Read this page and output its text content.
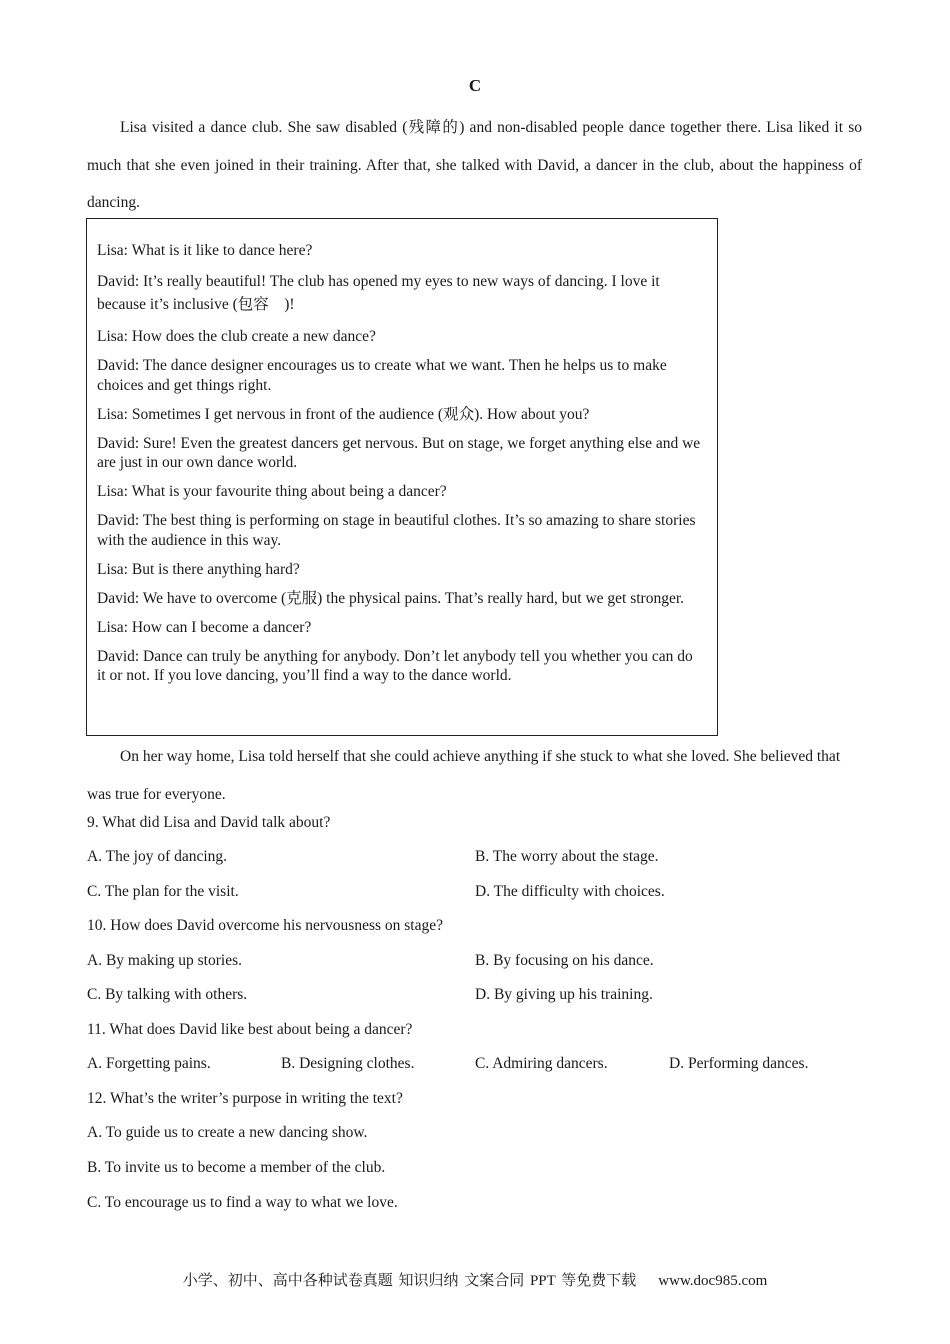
C
Lisa visited a dance club. She saw disabled (残障的) and non-disabled people dance together there. Lisa liked it so much that she even joined in their training. After that, she talked with David, a dancer in the club, about the happiness of dancing.
Lisa: What is it like to dance here?
David: It’s really beautiful! The club has opened my eyes to new ways of dancing. I love it because it’s inclusive (包容    )!
Lisa: How does the club create a new dance?
David: The dance designer encourages us to create what we want. Then he helps us to make choices and get things right.
Lisa: Sometimes I get nervous in front of the audience (观众). How about you?
David: Sure! Even the greatest dancers get nervous. But on stage, we forget anything else and we are just in our own dance world.
Lisa: What is your favourite thing about being a dancer?
David: The best thing is performing on stage in beautiful clothes. It’s so amazing to share stories with the audience in this way.
Lisa: But is there anything hard?
David: We have to overcome (克服) the physical pains. That’s really hard, but we get stronger.
Lisa: How can I become a dancer?
David: Dance can truly be anything for anybody. Don’t let anybody tell you whether you can do it or not. If you love dancing, you’ll find a way to the dance world.
On her way home, Lisa told herself that she could achieve anything if she stuck to what she loved. She believed that was true for everyone.
9. What did Lisa and David talk about?
A. The joy of dancing.	B. The worry about the stage.
C. The plan for the visit.	D. The difficulty with choices.
10. How does David overcome his nervousness on stage?
A. By making up stories.	B. By focusing on his dance.
C. By talking with others.	D. By giving up his training.
11. What does David like best about being a dancer?
A. Forgetting pains.	B. Designing clothes.	C. Admiring dancers.	D. Performing dances.
12. What’s the writer’s purpose in writing the text?
A. To guide us to create a new dancing show.
B. To invite us to become a member of the club.
C. To encourage us to find a way to what we love.
小学、初中、高中各种试卷真题 知识归纳 文案合同 PPT 等免费下载 www.doc985.com
